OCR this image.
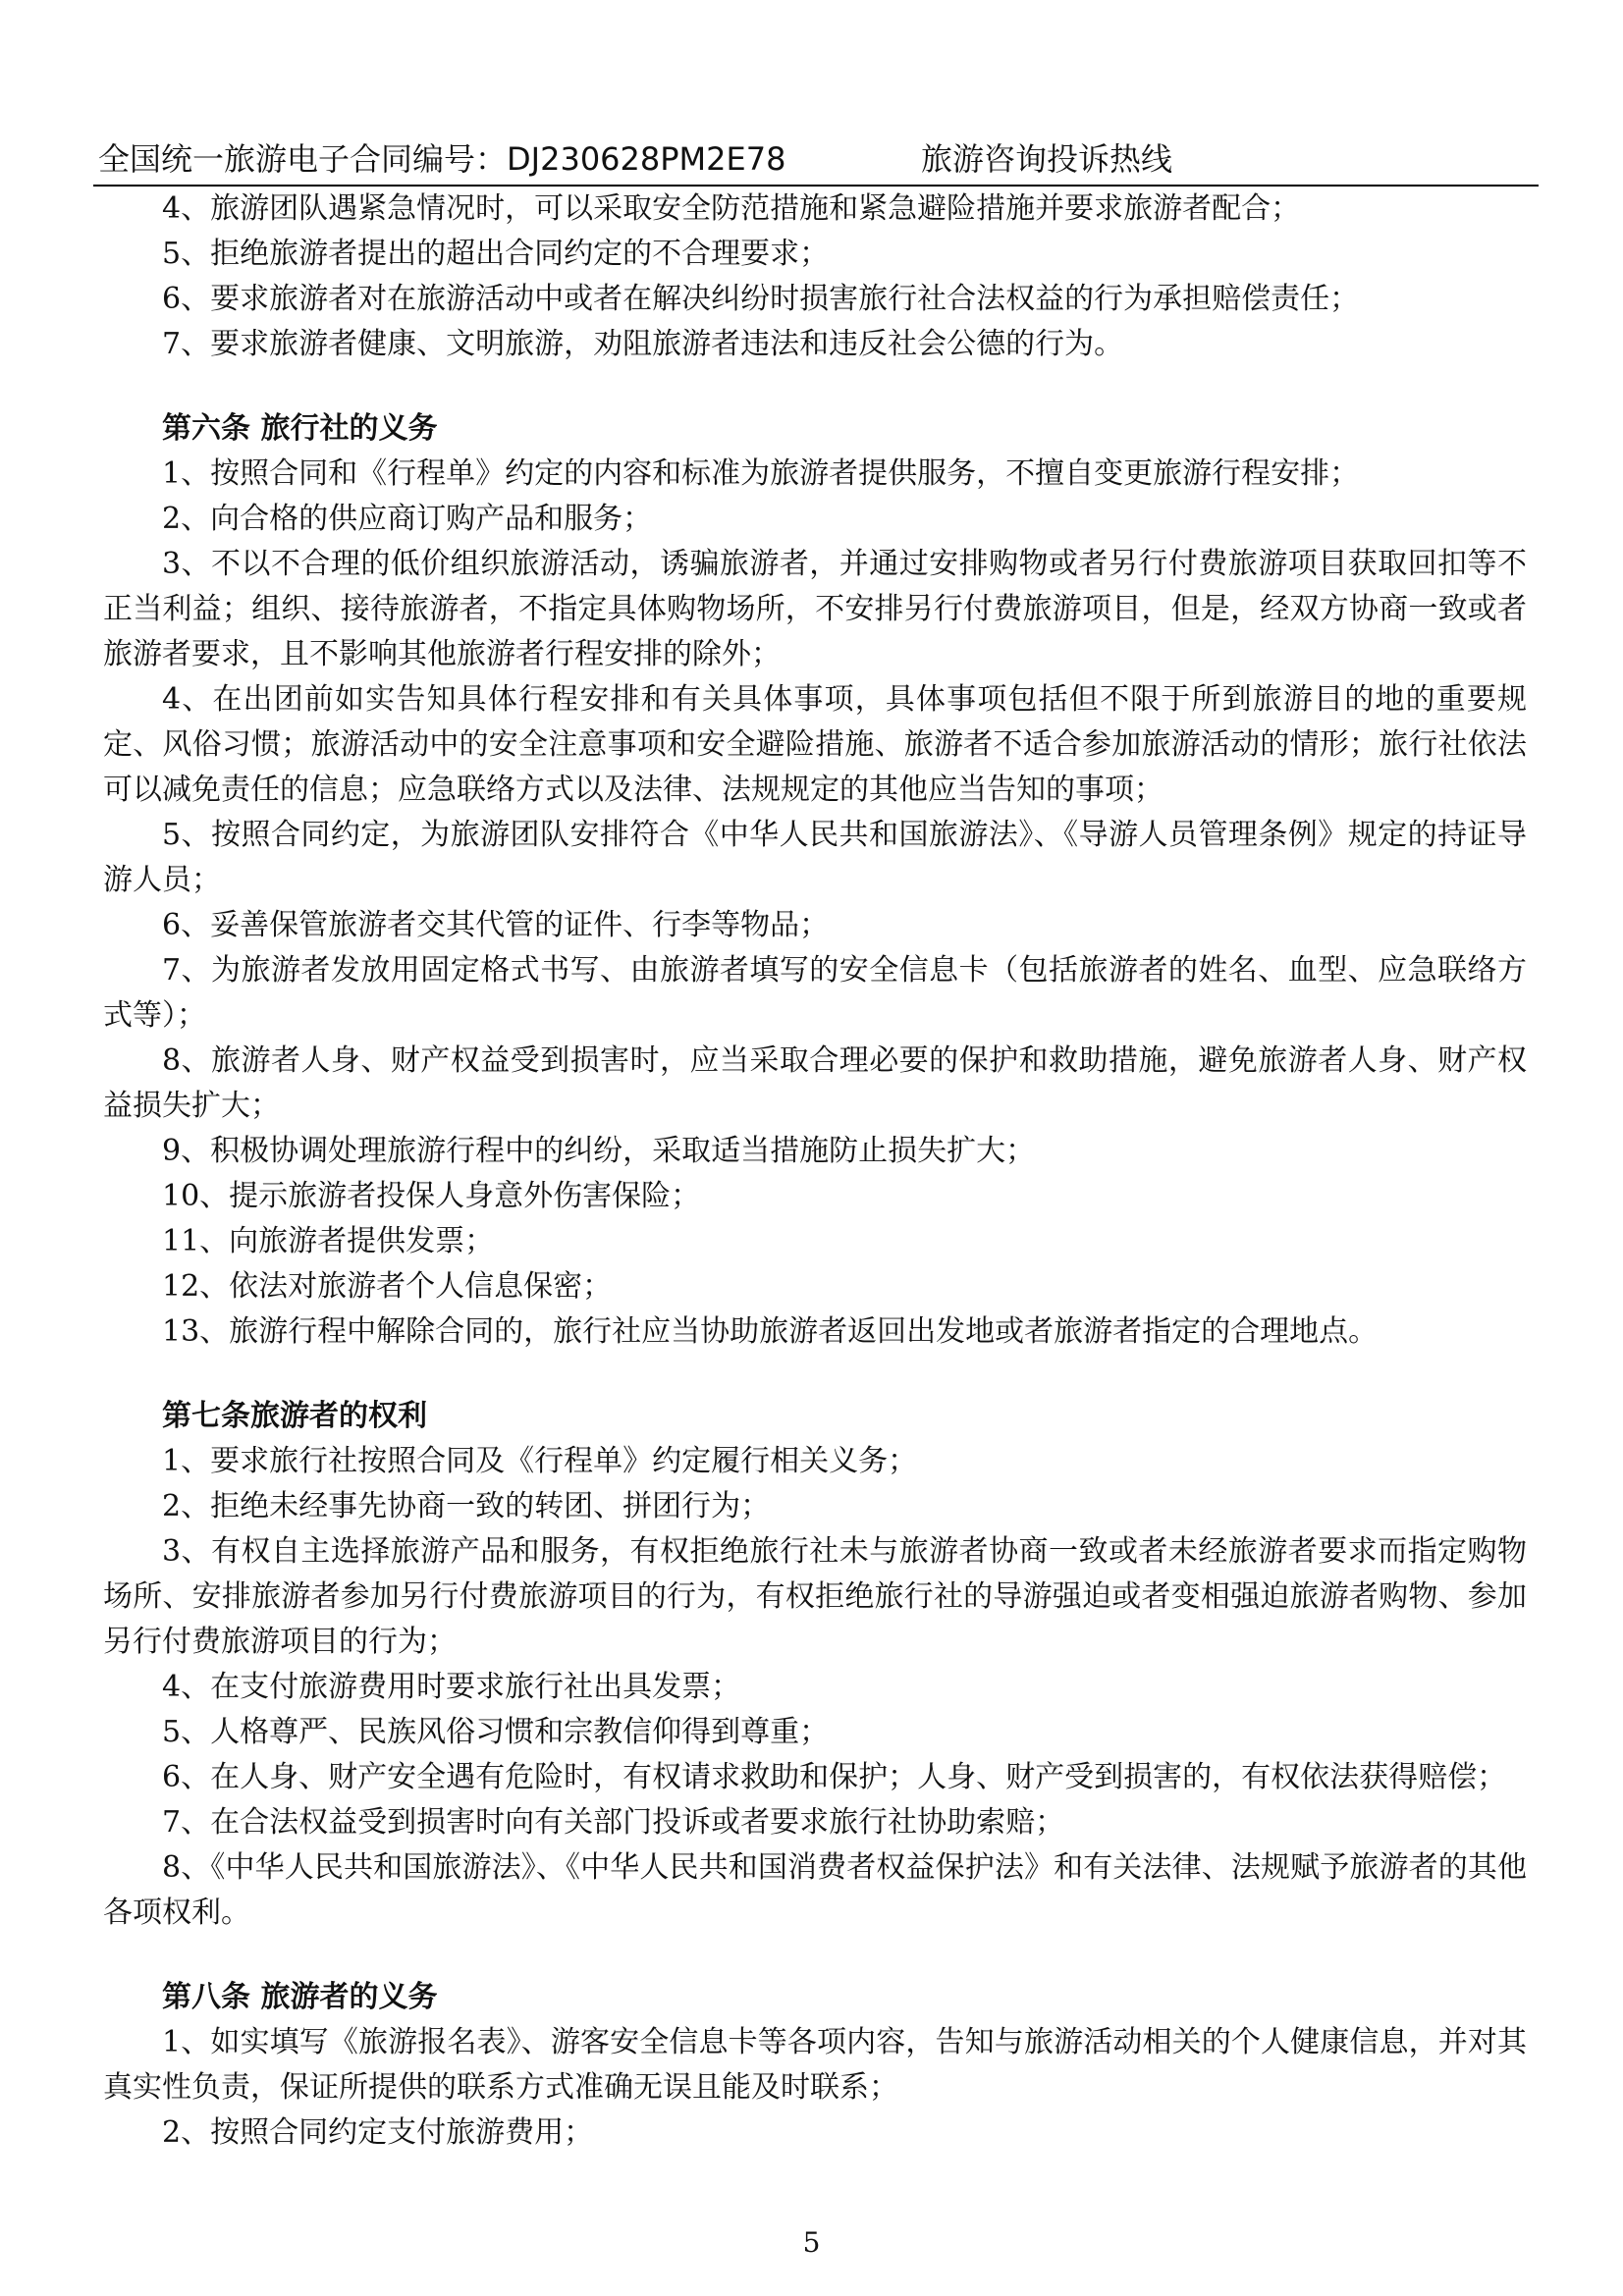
全国统一旅游电子合同编号：DJ230628PM2E78	旅游咨询投诉热线

4、旅游团队遇紧急情况时，可以采取安全防范措施和紧急避险措施并要求旅游者配合；

5、拒绝旅游者提出的超出合同约定的不合理要求；

6、要求旅游者对在旅游活动中或者在解决纠纷时损害旅行社合法权益的行为承担赔偿责任；

7、要求旅游者健康、文明旅游，劝阻旅游者违法和违反社会公德的行为。

第六条 旅行社的义务

1、按照合同和《行程单》约定的内容和标准为旅游者提供服务，不擅自变更旅游行程安排；

2、向合格的供应商订购产品和服务；

3、不以不合理的低价组织旅游活动，诱骗旅游者，并通过安排购物或者另行付费旅游项目获取回扣等不正当利益；组织、接待旅游者，不指定具体购物场所，不安排另行付费旅游项目，但是，经双方协商一致或者旅游者要求，且不影响其他旅游者行程安排的除外；

4、在出团前如实告知具体行程安排和有关具体事项，具体事项包括但不限于所到旅游目的地的重要规定、风俗习惯；旅游活动中的安全注意事项和安全避险措施、旅游者不适合参加旅游活动的情形；旅行社依法可以减免责任的信息；应急联络方式以及法律、法规规定的其他应当告知的事项；

5、按照合同约定，为旅游团队安排符合《中华人民共和国旅游法》、《导游人员管理条例》规定的持证导游人员；

6、妥善保管旅游者交其代管的证件、行李等物品；

7、为旅游者发放用固定格式书写、由旅游者填写的安全信息卡（包括旅游者的姓名、血型、应急联络方式等）；

8、旅游者人身、财产权益受到损害时，应当采取合理必要的保护和救助措施，避免旅游者人身、财产权益损失扩大；

9、积极协调处理旅游行程中的纠纷，采取适当措施防止损失扩大；

10、提示旅游者投保人身意外伤害保险；

11、向旅游者提供发票；

12、依法对旅游者个人信息保密；

13、旅游行程中解除合同的，旅行社应当协助旅游者返回出发地或者旅游者指定的合理地点。

第七条旅游者的权利

1、要求旅行社按照合同及《行程单》约定履行相关义务；

2、拒绝未经事先协商一致的转团、拼团行为；

3、有权自主选择旅游产品和服务，有权拒绝旅行社未与旅游者协商一致或者未经旅游者要求而指定购物场所、安排旅游者参加另行付费旅游项目的行为，有权拒绝旅行社的导游强迫或者变相强迫旅游者购物、参加另行付费旅游项目的行为；

4、在支付旅游费用时要求旅行社出具发票；

5、人格尊严、民族风俗习惯和宗教信仰得到尊重；

6、在人身、财产安全遇有危险时，有权请求救助和保护；人身、财产受到损害的，有权依法获得赔偿；

7、在合法权益受到损害时向有关部门投诉或者要求旅行社协助索赔；

8、《中华人民共和国旅游法》、《中华人民共和国消费者权益保护法》和有关法律、法规赋予旅游者的其他各项权利。

第八条 旅游者的义务

1、如实填写《旅游报名表》、游客安全信息卡等各项内容，告知与旅游活动相关的个人健康信息，并对其真实性负责，保证所提供的联系方式准确无误且能及时联系；

2、按照合同约定支付旅游费用；

5
